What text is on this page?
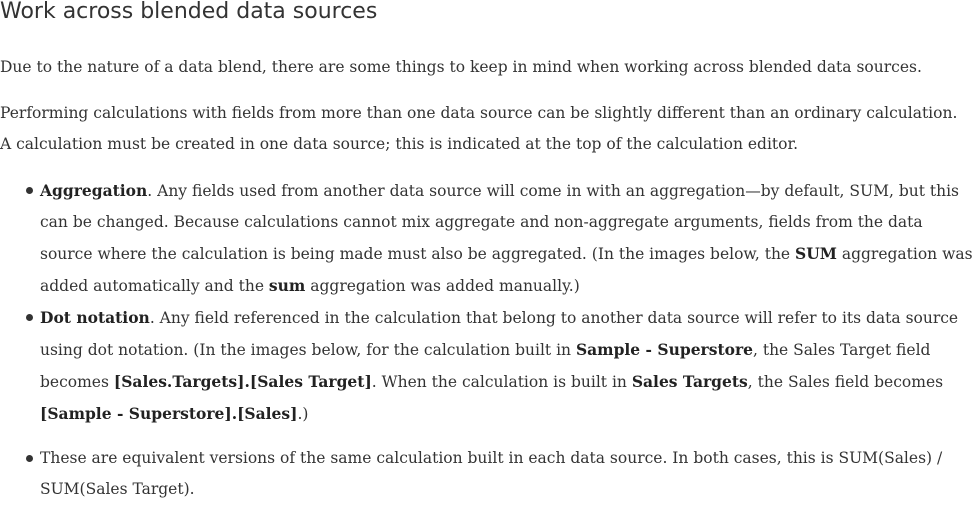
Work across blended data sources

Due to the nature of a data blend, there are some things to keep in mind when working across blended data sources.

Performing calculations with fields from more than one data source can be slightly different than an ordinary calculation.
A calculation must be created in one data source; this is indicated at the top of the calculation editor.

Aggregation. Any fields used from another data source will come in with an aggregation—by default, SUM, but this
can be changed. Because calculations cannot mix aggregate and non-aggregate arguments, fields from the data
source where the calculation is being made must also be aggregated. (In the images below, the SUM aggregation was
added automatically and the sum aggregation was added manually.)
Dot notation. Any field referenced in the calculation that belong to another data source will refer to its data source
using dot notation. (In the images below, for the calculation built in Sample - Superstore, the Sales Target field
becomes [Sales.Targets].[Sales Target]. When the calculation is built in Sales Targets, the Sales field becomes
[Sample - Superstore].[Sales].)
These are equivalent versions of the same calculation built in each data source. In both cases, this is SUM(Sales) /
SUM(Sales Target).
